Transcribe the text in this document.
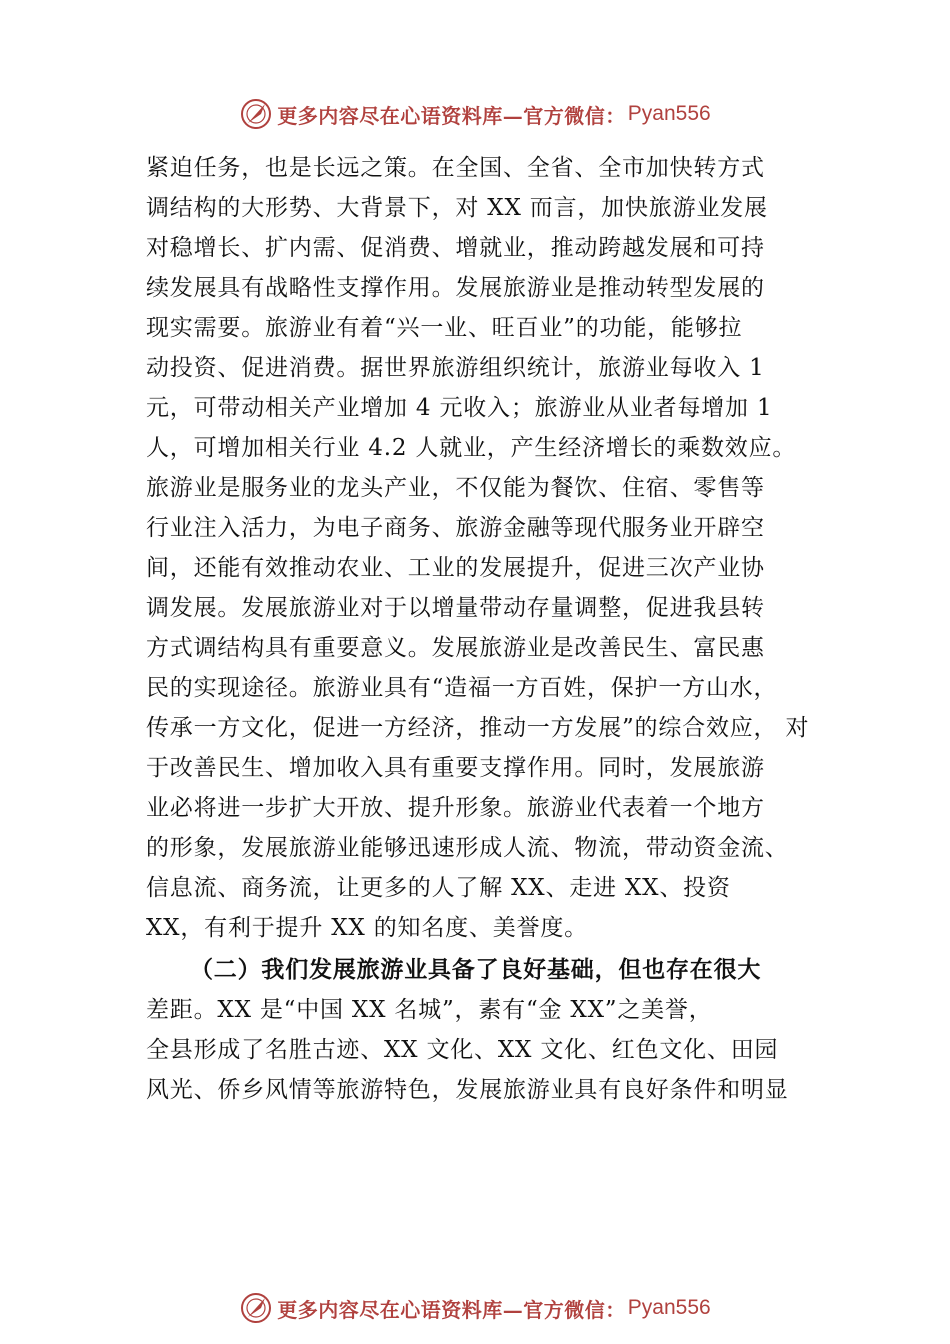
更多内容尽在心语资料库—官方微信： Pyan556
紧迫任务，也是长远之策。在全国、全省、全市加快转方式
调结构的大形势、大背景下，对 XX 而言，加快旅游业发展
对稳增长、扩内需、促消费、增就业，推动跨越发展和可持
续发展具有战略性支撑作用。发展旅游业是推动转型发展的
现实需要。旅游业有着“兴一业、旺百业”的功能，能够拉
动投资、促进消费。据世界旅游组织统计，旅游业每收入 1
元，可带动相关产业增加 4 元收入；旅游业从业者每增加 1
人，可增加相关行业 4.2 人就业，产生经济增长的乘数效应。
旅游业是服务业的龙头产业，不仅能为餐饮、住宿、零售等
行业注入活力，为电子商务、旅游金融等现代服务业开辟空
间，还能有效推动农业、工业的发展提升，促进三次产业协
调发展。发展旅游业对于以增量带动存量调整，促进我县转
方式调结构具有重要意义。发展旅游业是改善民生、富民惠
民的实现途径。旅游业具有“造福一方百姓，保护一方山水，
传承一方文化，促进一方经济，推动一方发展”的综合效应， 对
于改善民生、增加收入具有重要支撑作用。同时，发展旅游
业必将进一步扩大开放、提升形象。旅游业代表着一个地方
的形象，发展旅游业能够迅速形成人流、物流，带动资金流、
信息流、商务流，让更多的人了解 XX、走进 XX、投资
XX，有利于提升 XX 的知名度、美誉度。
（二）我们发展旅游业具备了良好基础，但也存在很大
差距。XX 是“中国 XX 名城”，素有“金 XX”之美誉，
全县形成了名胜古迹、XX 文化、XX 文化、红色文化、田园
风光、侨乡风情等旅游特色，发展旅游业具有良好条件和明显
更多内容尽在心语资料库—官方微信： Pyan556
